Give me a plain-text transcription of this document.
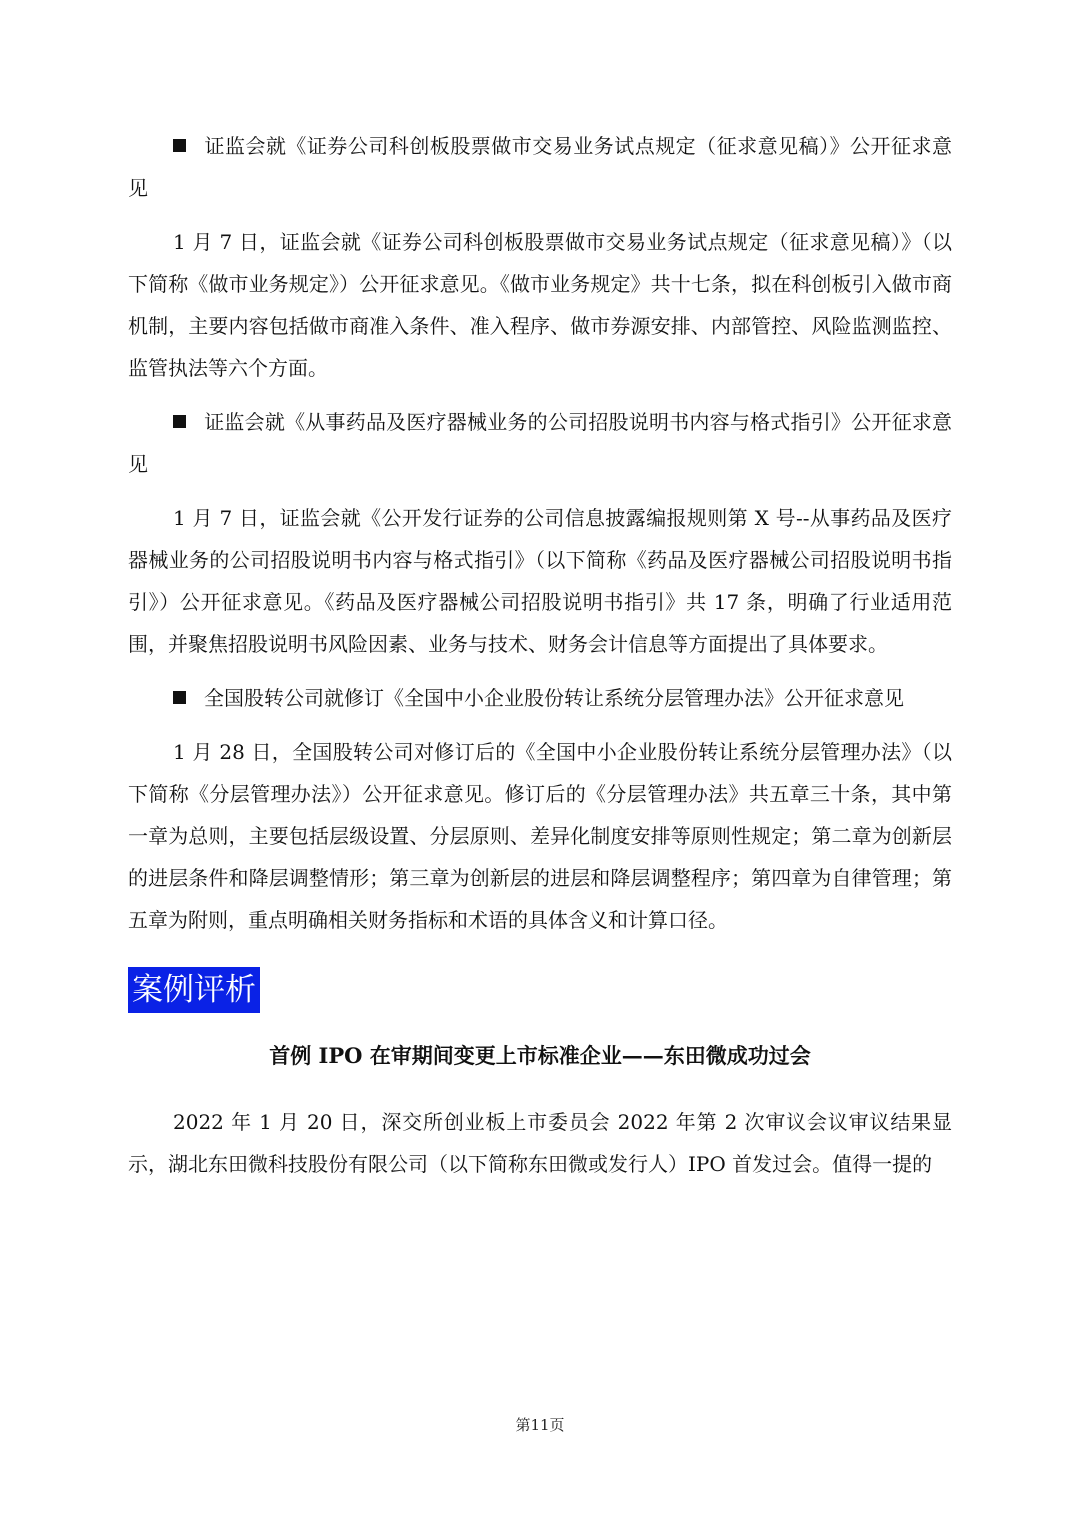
证监会就《证券公司科创板股票做市交易业务试点规定（征求意见稿）》公开征求意见

1 月 7 日，证监会就《证券公司科创板股票做市交易业务试点规定（征求意见稿）》（以下简称《做市业务规定》）公开征求意见。《做市业务规定》共十七条，拟在科创板引入做市商机制，主要内容包括做市商准入条件、准入程序、做市券源安排、内部管控、风险监测监控、监管执法等六个方面。

证监会就《从事药品及医疗器械业务的公司招股说明书内容与格式指引》公开征求意见

1 月 7 日，证监会就《公开发行证券的公司信息披露编报规则第 X 号--从事药品及医疗器械业务的公司招股说明书内容与格式指引》（以下简称《药品及医疗器械公司招股说明书指引》）公开征求意见。《药品及医疗器械公司招股说明书指引》共 17 条，明确了行业适用范围，并聚焦招股说明书风险因素、业务与技术、财务会计信息等方面提出了具体要求。

全国股转公司就修订《全国中小企业股份转让系统分层管理办法》公开征求意见

1 月 28 日，全国股转公司对修订后的《全国中小企业股份转让系统分层管理办法》（以下简称《分层管理办法》）公开征求意见。修订后的《分层管理办法》共五章三十条，其中第一章为总则，主要包括层级设置、分层原则、差异化制度安排等原则性规定；第二章为创新层的进层条件和降层调整情形；第三章为创新层的进层和降层调整程序；第四章为自律管理；第五章为附则，重点明确相关财务指标和术语的具体含义和计算口径。

案例评析
首例 IPO 在审期间变更上市标准企业——东田微成功过会

2022 年 1 月 20 日，深交所创业板上市委员会 2022 年第 2 次审议会议审议结果显示，湖北东田微科技股份有限公司（以下简称东田微或发行人）IPO 首发过会。值得一提的

第11页
